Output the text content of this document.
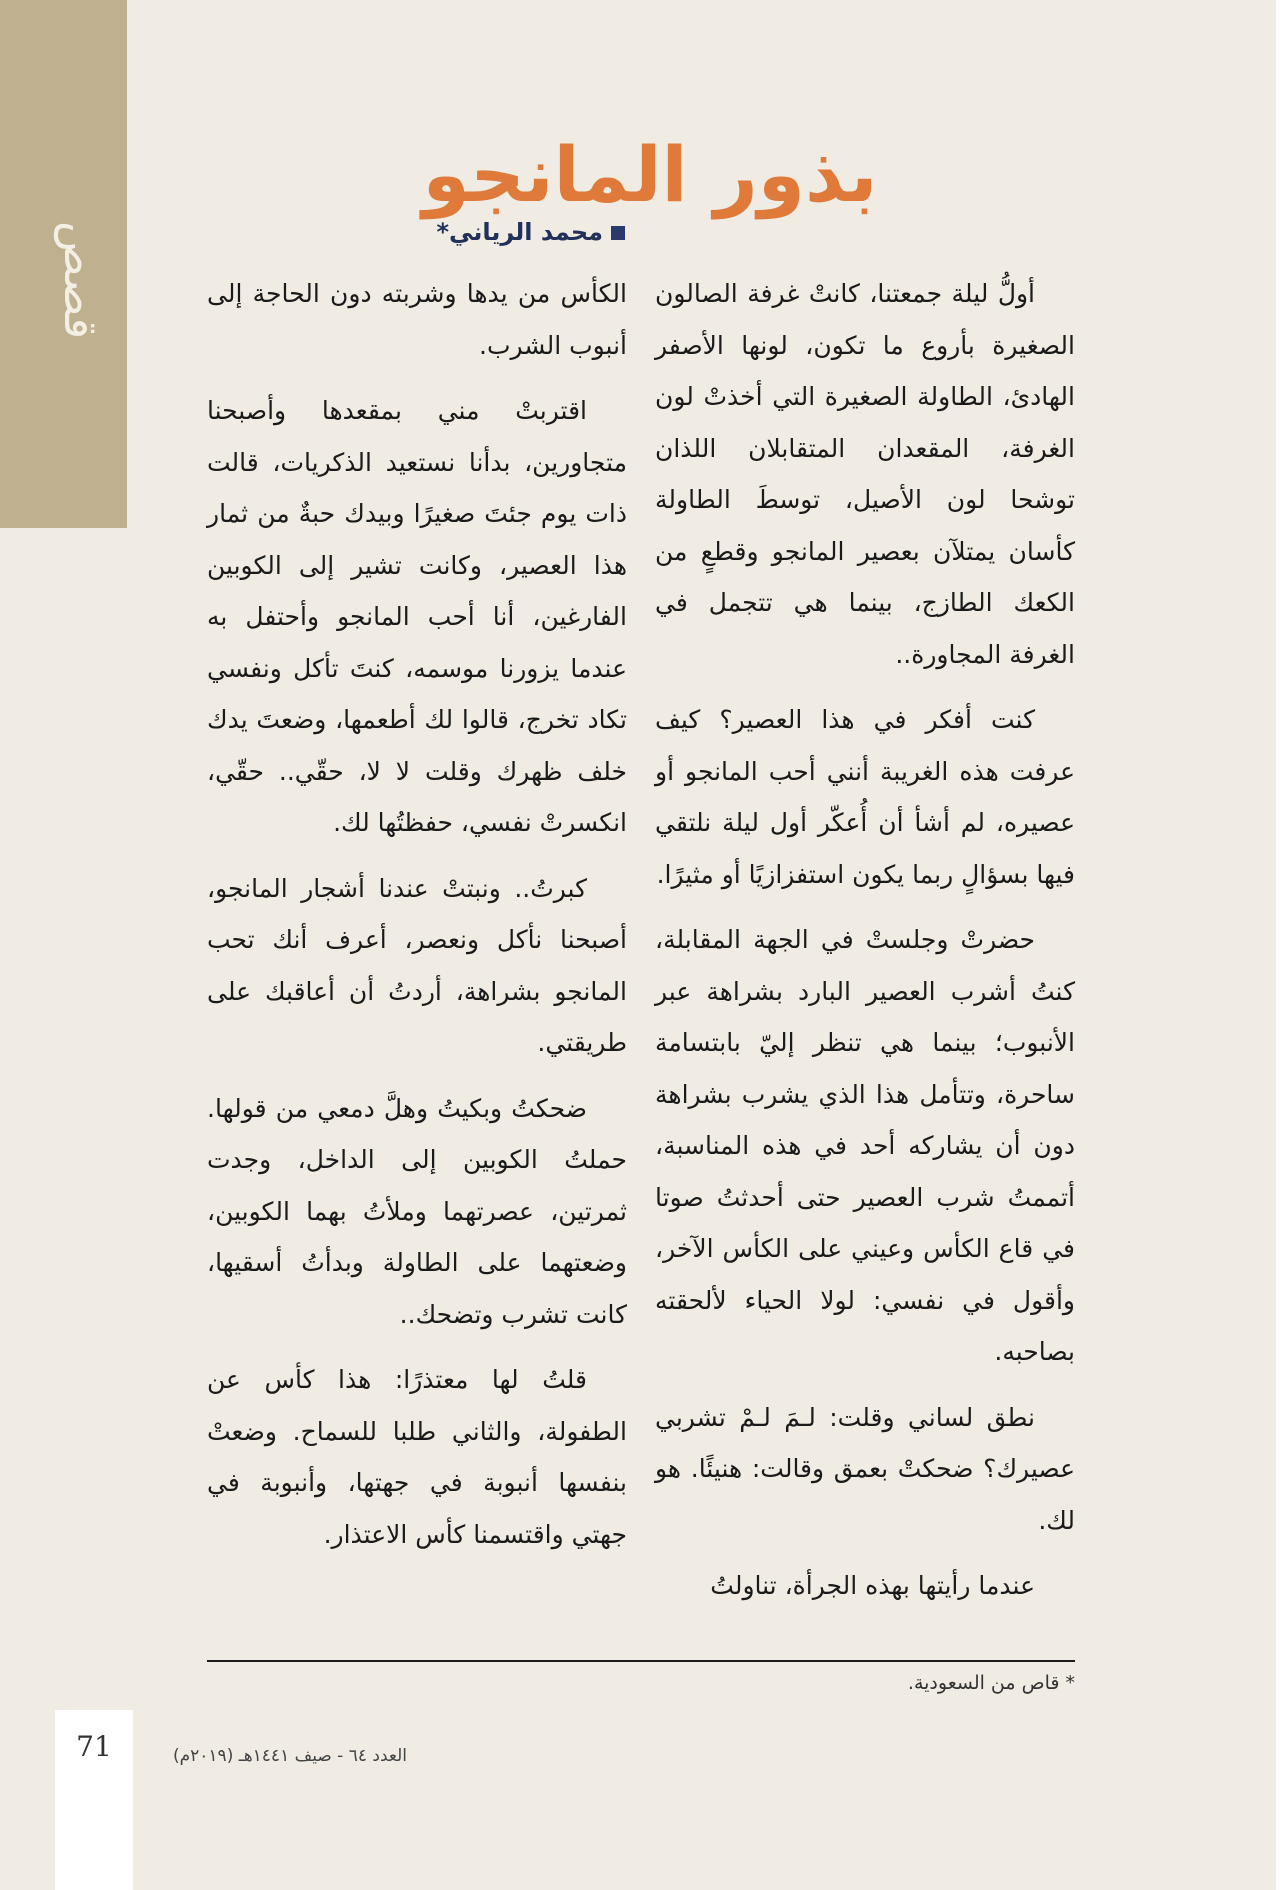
قصص
بذور المانجو
محمد الرياني*

أولُّ ليلة جمعتنا، كانتْ غرفة الصالون الصغيرة بأروع ما تكون، لونها الأصفر الهادئ، الطاولة الصغيرة التي أخذتْ لون الغرفة، المقعدان المتقابلان اللذان توشحا لون الأصيل، توسطَ الطاولة كأسان يمتلآن بعصير المانجو وقطعٍ من الكعك الطازج، بينما هي تتجمل في الغرفة المجاورة..

كنت أفكر في هذا العصير؟ كيف عرفت هذه الغريبة أنني أحب المانجو أو عصيره، لم أشأ أن أُعكّر أول ليلة نلتقي فيها بسؤالٍ ربما يكون استفزازيًا أو مثيرًا.

حضرتْ وجلستْ في الجهة المقابلة، كنتُ أشرب العصير البارد بشراهة عبر الأنبوب؛ بينما هي تنظر إليّ بابتسامة ساحرة، وتتأمل هذا الذي يشرب بشراهة دون أن يشاركه أحد في هذه المناسبة، أتممتُ شرب العصير حتى أحدثتُ صوتا في قاع الكأس وعيني على الكأس الآخر، وأقول في نفسي: لولا الحياء لألحقته بصاحبه.

نطق لساني وقلت: لـمَ لـمْ تشربي عصيرك؟ ضحكتْ بعمق وقالت: هنيئًا. هو لك.

عندما رأيتها بهذه الجرأة، تناولتُ

الكأس من يدها وشربته دون الحاجة إلى أنبوب الشرب.

اقتربتْ مني بمقعدها وأصبحنا متجاورين، بدأنا نستعيد الذكريات، قالت ذات يوم جئتَ صغيرًا وبيدك حبةٌ من ثمار هذا العصير، وكانت تشير إلى الكوبين الفارغين، أنا أحب المانجو وأحتفل به عندما يزورنا موسمه، كنتَ تأكل ونفسي تكاد تخرج، قالوا لك أطعمها، وضعتَ يدك خلف ظهرك وقلت لا لا، حقّي.. حقّي، انكسرتْ نفسي، حفظتُها لك.

كبرتُ.. ونبتتْ عندنا أشجار المانجو، أصبحنا نأكل ونعصر، أعرف أنك تحب المانجو بشراهة، أردتُ أن أعاقبك على طريقتي.

ضحكتُ وبكيتُ وهلَّ دمعي من قولها. حملتُ الكوبين إلى الداخل، وجدت ثمرتين، عصرتهما وملأتُ بهما الكوبين، وضعتهما على الطاولة وبدأتُ أسقيها، كانت تشرب وتضحك..

قلتُ لها معتذرًا: هذا كأس عن الطفولة، والثاني طلبا للسماح. وضعتْ بنفسها أنبوبة في جهتها، وأنبوبة في جهتي واقتسمنا كأس الاعتذار.

* قاص من السعودية.
71	العدد ٦٤ - صيف ١٤٤١هـ (٢٠١٩م)
